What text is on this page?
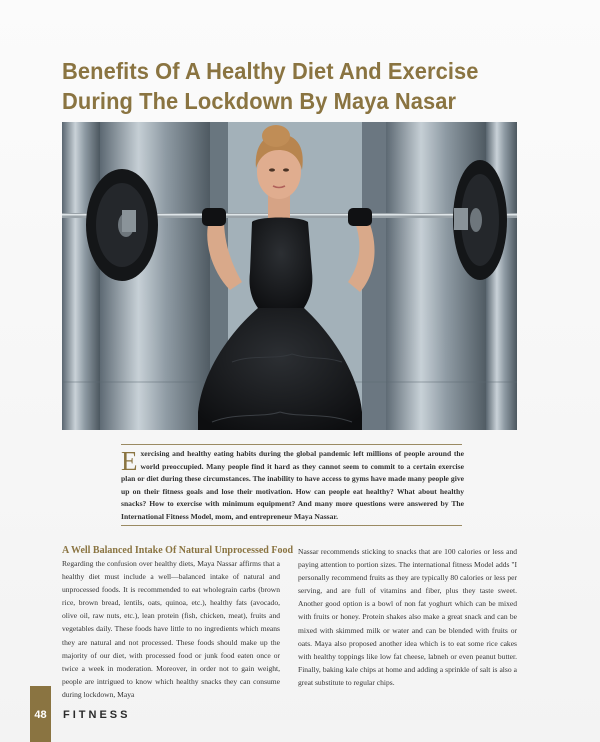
Benefits Of A Healthy Diet And Exercise
During The Lockdown By Maya Nasar

Exercising and healthy eating habits during the global pandemic left millions of people around the world preoccupied. Many people find it hard as they cannot seem to commit to a certain exercise plan or diet during these circumstances. The inability to have access to gyms have made many people give up on their fitness goals and lose their motivation. How can people eat healthy? What about healthy snacks? How to exercise with minimum equipment? And many more questions were answered by The International Fitness Model, mom, and entrepreneur Maya Nassar.

A Well Balanced Intake Of Natural Unprocessed Food

Regarding the confusion over healthy diets, Maya Nassar affirms that a healthy diet must include a well—balanced intake of natural and unprocessed foods. It is recommended to eat wholegrain carbs (brown rice, brown bread, lentils, oats, quinoa, etc.), healthy fats (avocado, olive oil, raw nuts, etc.), lean protein (fish, chicken, meat), fruits and vegetables daily. These foods have little to no ingredients which means they are natural and not processed. These foods should make up the majority of our diet, with processed food or junk food eaten once or twice a week in moderation. Moreover, in order not to gain weight, people are intrigued to know which healthy snacks they can consume during lockdown, Maya

Nassar recommends sticking to snacks that are 100 calories or less and paying attention to portion sizes. The international fitness Model adds "I personally recommend fruits as they are typically 80 calories or less per serving, and are full of vitamins and fiber, plus they taste sweet. Another good option is a bowl of non fat yoghurt which can be mixed with fruits or honey. Protein shakes also make a great snack and can be mixed with skimmed milk or water and can be blended with fruits or oats. Maya also proposed another idea which is to eat some rice cakes with healthy toppings like low fat cheese, labneh or even peanut butter. Finally, baking kale chips at home and adding a sprinkle of salt is also a great substitute to regular chips.

48	FITNESS
